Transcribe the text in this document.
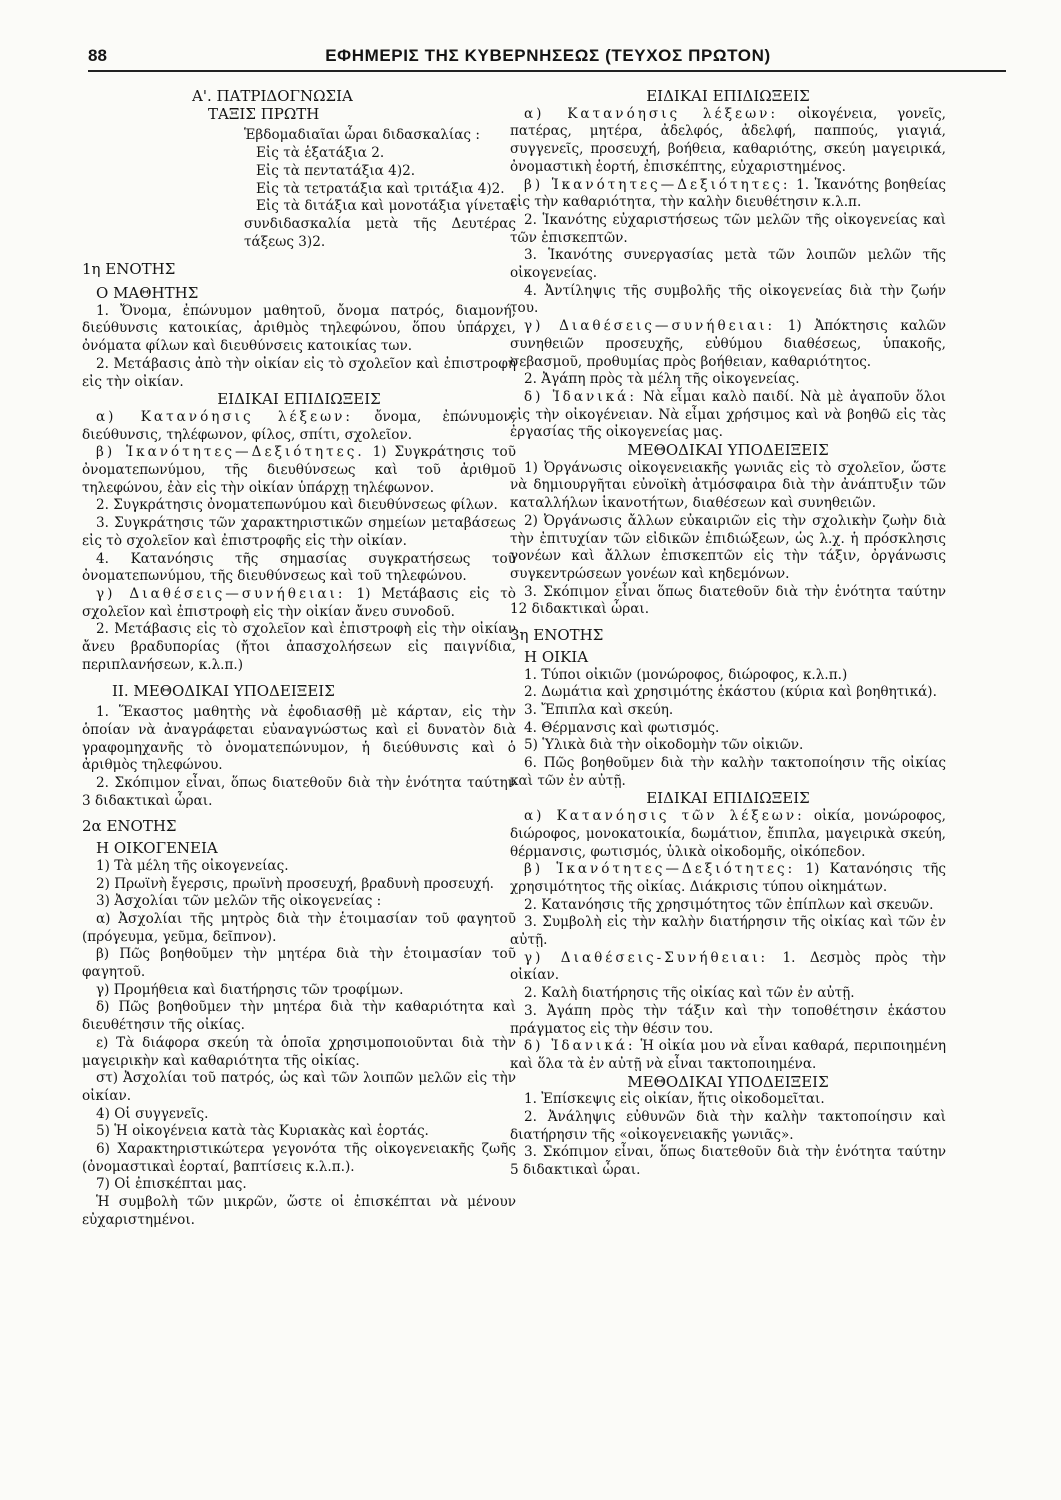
88	ΕΦΗΜΕΡΙΣ ΤΗΣ ΚΥΒΕΡΝΗΣΕΩΣ (ΤΕΥΧΟΣ ΠΡΩΤΟΝ)

Α'. ΠΑΤΡΙΔΟΓΝΩΣΙΑ

ΤΑΞΙΣ ΠΡΩΤΗ

Ἑβδομαδιαῖαι ὧραι διδασκαλίας :

Εἰς τὰ ἑξατάξια 2.

Εἰς τὰ πεντατάξια 4)2.

Εἰς τὰ τετρατάξια καὶ τριτάξια 4)2.

Εἰς τὰ διτάξια καὶ μονοτάξια γίνεται συνδιδασκαλία μετὰ τῆς Δευτέρας τάξεως 3)2.

1η ΕΝΟΤΗΣ

Ο ΜΑΘΗΤΗΣ

1. Ὄνομα, ἐπώνυμον μαθητοῦ, ὄνομα πατρός, διαμονή, διεύθυνσις κατοικίας, ἀριθμὸς τηλεφώνου, ὅπου ὑπάρχει, ὀνόματα φίλων καὶ διευθύνσεις κατοικίας των.

2. Μετάβασις ἀπὸ τὴν οἰκίαν εἰς τὸ σχολεῖον καὶ ἐπιστροφὴ εἰς τὴν οἰκίαν.

ΕΙΔΙΚΑΙ ΕΠΙΔΙΩΞΕΙΣ

α) Κατανόησις λέξεων: ὄνομα, ἐπώνυμον, διεύθυνσις, τηλέφωνον, φίλος, σπίτι, σχολεῖον.

β) Ἱκανότητες—Δεξιότητες. 1) Συγκράτησις τοῦ ὀνοματεπωνύμου, τῆς διευθύνσεως καὶ τοῦ ἀριθμοῦ τηλεφώνου, ἐὰν εἰς τὴν οἰκίαν ὑπάρχῃ τηλέφωνον.

2. Συγκράτησις ὀνοματεπωνύμου καὶ διευθύνσεως φίλων.

3. Συγκράτησις τῶν χαρακτηριστικῶν σημείων μεταβάσεως εἰς τὸ σχολεῖον καὶ ἐπιστροφῆς εἰς τὴν οἰκίαν.

4. Κατανόησις τῆς σημασίας συγκρατήσεως τοῦ ὀνοματεπωνύμου, τῆς διευθύνσεως καὶ τοῦ τηλεφώνου.

γ) Διαθέσεις—συνήθειαι: 1) Μετάβασις εἰς τὸ σχολεῖον καὶ ἐπιστροφὴ εἰς τὴν οἰκίαν ἄνευ συνοδοῦ.

2. Μετάβασις εἰς τὸ σχολεῖον καὶ ἐπιστροφὴ εἰς τὴν οἰκίαν ἄνευ βραδυπορίας (ἤτοι ἀπασχολήσεων εἰς παιγνίδια, περιπλανήσεων, κ.λ.π.)

ΙΙ. ΜΕΘΟΔΙΚΑΙ ΥΠΟΔΕΙΞΕΙΣ

1. Ἕκαστος μαθητὴς νὰ ἐφοδιασθῇ μὲ κάρταν, εἰς τὴν ὁποίαν νὰ ἀναγράφεται εὐαναγνώστως καὶ εἰ δυνατὸν διὰ γραφομηχανῆς τὸ ὀνοματεπώνυμον, ἡ διεύθυνσις καὶ ὁ ἀριθμὸς τηλεφώνου.

2. Σκόπιμον εἶναι, ὅπως διατεθοῦν διὰ τὴν ἑνότητα ταύτην 3 διδακτικαὶ ὧραι.

2α ΕΝΟΤΗΣ

Η ΟΙΚΟΓΕΝΕΙΑ

1) Τὰ μέλη τῆς οἰκογενείας.

2) Πρωϊνὴ ἔγερσις, πρωϊνὴ προσευχή, βραδυνὴ προσευχή.

3) Ἀσχολίαι τῶν μελῶν τῆς οἰκογενείας :

α) Ἀσχολίαι τῆς μητρὸς διὰ τὴν ἑτοιμασίαν τοῦ φαγητοῦ (πρόγευμα, γεῦμα, δεῖπνον).

β) Πῶς βοηθοῦμεν τὴν μητέρα διὰ τὴν ἑτοιμασίαν τοῦ φαγητοῦ.

γ) Προμήθεια καὶ διατήρησις τῶν τροφίμων.

δ) Πῶς βοηθοῦμεν τὴν μητέρα διὰ τὴν καθαριότητα καὶ διευθέτησιν τῆς οἰκίας.

ε) Τὰ διάφορα σκεύη τὰ ὁποῖα χρησιμοποιοῦνται διὰ τὴν μαγειρικὴν καὶ καθαριότητα τῆς οἰκίας.

στ) Ἀσχολίαι τοῦ πατρός, ὡς καὶ τῶν λοιπῶν μελῶν εἰς τὴν οἰκίαν.

4) Οἱ συγγενεῖς.

5) Ἡ οἰκογένεια κατὰ τὰς Κυριακὰς καὶ ἑορτάς.

6) Χαρακτηριστικώτερα γεγονότα τῆς οἰκογενειακῆς ζωῆς (ὀνομαστικαὶ ἑορταί, βαπτίσεις κ.λ.π.).

7) Οἱ ἐπισκέπται μας.

Ἡ συμβολὴ τῶν μικρῶν, ὥστε οἱ ἐπισκέπται νὰ μένουν εὐχαριστημένοι.

ΕΙΔΙΚΑΙ ΕΠΙΔΙΩΞΕΙΣ

α) Κατανόησις λέξεων: οἰκογένεια, γονεῖς, πατέρας, μητέρα, ἀδελφός, ἀδελφή, παππούς, γιαγιά, συγγενεῖς, προσευχή, βοήθεια, καθαριότης, σκεύη μαγειρικά, ὀνομαστικὴ ἑορτή, ἐπισκέπτης, εὐχαριστημένος.

β) Ἱκανότητες—Δεξιότητες: 1. Ἱκανότης βοηθείας εἰς τὴν καθαριότητα, τὴν καλὴν διευθέτησιν κ.λ.π.

2. Ἱκανότης εὐχαριστήσεως τῶν μελῶν τῆς οἰκογενείας καὶ τῶν ἐπισκεπτῶν.

3. Ἱκανότης συνεργασίας μετὰ τῶν λοιπῶν μελῶν τῆς οἰκογενείας.

4. Ἀντίληψις τῆς συμβολῆς τῆς οἰκογενείας διὰ τὴν ζωήν του.

γ) Διαθέσεις—συνήθειαι: 1) Ἀπόκτησις καλῶν συνηθειῶν προσευχῆς, εὐθύμου διαθέσεως, ὑπακοῆς, σεβασμοῦ, προθυμίας πρὸς βοήθειαν, καθαριότητος.

2. Ἀγάπη πρὸς τὰ μέλη τῆς οἰκογενείας.

δ) Ἰδανικά: Νὰ εἶμαι καλὸ παιδί. Νὰ μὲ ἀγαποῦν ὅλοι εἰς τὴν οἰκογένειαν. Νὰ εἶμαι χρήσιμος καὶ νὰ βοηθῶ εἰς τὰς ἐργασίας τῆς οἰκογενείας μας.

ΜΕΘΟΔΙΚΑΙ ΥΠΟΔΕΙΞΕΙΣ

1) Ὀργάνωσις οἰκογενειακῆς γωνιᾶς εἰς τὸ σχολεῖον, ὥστε νὰ δημιουργῆται εὐνοϊκὴ ἀτμόσφαιρα διὰ τὴν ἀνάπτυξιν τῶν καταλλήλων ἱκανοτήτων, διαθέσεων καὶ συνηθειῶν.

2) Ὀργάνωσις ἄλλων εὐκαιριῶν εἰς τὴν σχολικὴν ζωὴν διὰ τὴν ἐπιτυχίαν τῶν εἰδικῶν ἐπιδιώξεων, ὡς λ.χ. ἡ πρόσκλησις γονέων καὶ ἄλλων ἐπισκεπτῶν εἰς τὴν τάξιν, ὀργάνωσις συγκεντρώσεων γονέων καὶ κηδεμόνων.

3. Σκόπιμον εἶναι ὅπως διατεθοῦν διὰ τὴν ἑνότητα ταύτην 12 διδακτικαὶ ὧραι.

3η ΕΝΟΤΗΣ

Η ΟΙΚΙΑ

1. Τύποι οἰκιῶν (μονώροφος, διώροφος, κ.λ.π.)

2. Δωμάτια καὶ χρησιμότης ἑκάστου (κύρια καὶ βοηθητικά).

3. Ἔπιπλα καὶ σκεύη.

4. Θέρμανσις καὶ φωτισμός.

5) Ὑλικὰ διὰ τὴν οἰκοδομὴν τῶν οἰκιῶν.

6. Πῶς βοηθοῦμεν διὰ τὴν καλὴν τακτοποίησιν τῆς οἰκίας καὶ τῶν ἐν αὐτῇ.

ΕΙΔΙΚΑΙ ΕΠΙΔΙΩΞΕΙΣ

α) Κατανόησις τῶν λέξεων: οἰκία, μονώροφος, διώροφος, μονοκατοικία, δωμάτιον, ἔπιπλα, μαγειρικὰ σκεύη, θέρμανσις, φωτισμός, ὑλικὰ οἰκοδομῆς, οἰκόπεδον.

β) Ἱκανότητες—Δεξιότητες: 1) Κατανόησις τῆς χρησιμότητος τῆς οἰκίας. Διάκρισις τύπου οἰκημάτων.

2. Κατανόησις τῆς χρησιμότητος τῶν ἐπίπλων καὶ σκευῶν.

3. Συμβολὴ εἰς τὴν καλὴν διατήρησιν τῆς οἰκίας καὶ τῶν ἐν αὐτῇ.

γ) Διαθέσεις-Συνήθειαι: 1. Δεσμὸς πρὸς τὴν οἰκίαν.

2. Καλὴ διατήρησις τῆς οἰκίας καὶ τῶν ἐν αὐτῇ.

3. Ἀγάπη πρὸς τὴν τάξιν καὶ τὴν τοποθέτησιν ἑκάστου πράγματος εἰς τὴν θέσιν του.

δ) Ἰδανικά: Ἡ οἰκία μου νὰ εἶναι καθαρά, περιποιημένη καὶ ὅλα τὰ ἐν αὐτῇ νὰ εἶναι τακτοποιημένα.

ΜΕΘΟΔΙΚΑΙ ΥΠΟΔΕΙΞΕΙΣ

1. Ἐπίσκεψις εἰς οἰκίαν, ἥτις οἰκοδομεῖται.

2. Ἀνάληψις εὐθυνῶν διὰ τὴν καλὴν τακτοποίησιν καὶ διατήρησιν τῆς «οἰκογενειακῆς γωνιᾶς».

3. Σκόπιμον εἶναι, ὅπως διατεθοῦν διὰ τὴν ἑνότητα ταύτην 5 διδακτικαὶ ὧραι.
